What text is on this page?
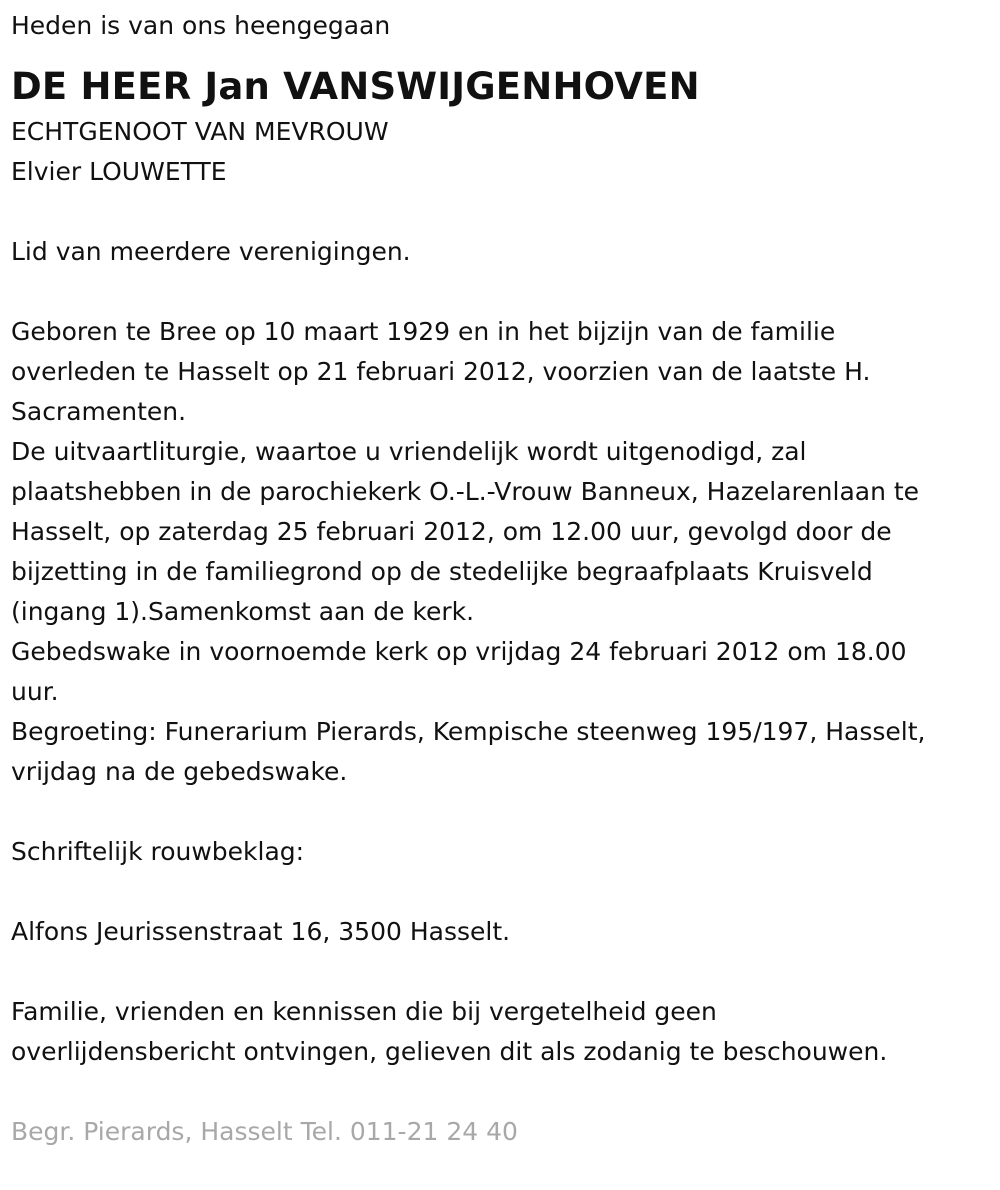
Heden is van ons heengegaan

DE HEER Jan VANSWIJGENHOVEN

ECHTGENOOT VAN MEVROUW

Elvier LOUWETTE

Lid van meerdere verenigingen.

Geboren te Bree op 10 maart 1929 en in het bijzijn van de familie

overleden te Hasselt op 21 februari 2012, voorzien van de laatste H.

Sacramenten.

De uitvaartliturgie, waartoe u vriendelijk wordt uitgenodigd, zal

plaatshebben in de parochiekerk O.-L.-Vrouw Banneux, Hazelarenlaan te

Hasselt, op zaterdag 25 februari 2012, om 12.00 uur, gevolgd door de

bijzetting in de familiegrond op de stedelijke begraafplaats Kruisveld

(ingang 1).Samenkomst aan de kerk.

Gebedswake in voornoemde kerk op vrijdag 24 februari 2012 om 18.00

uur.

Begroeting: Funerarium Pierards, Kempische steenweg 195/197, Hasselt,

vrijdag na de gebedswake.

Schriftelijk rouwbeklag:

Alfons Jeurissenstraat 16, 3500 Hasselt.

Familie, vrienden en kennissen die bij vergetelheid geen

overlijdensbericht ontvingen, gelieven dit als zodanig te beschouwen.

Begr. Pierards, Hasselt Tel. 011-21 24 40
